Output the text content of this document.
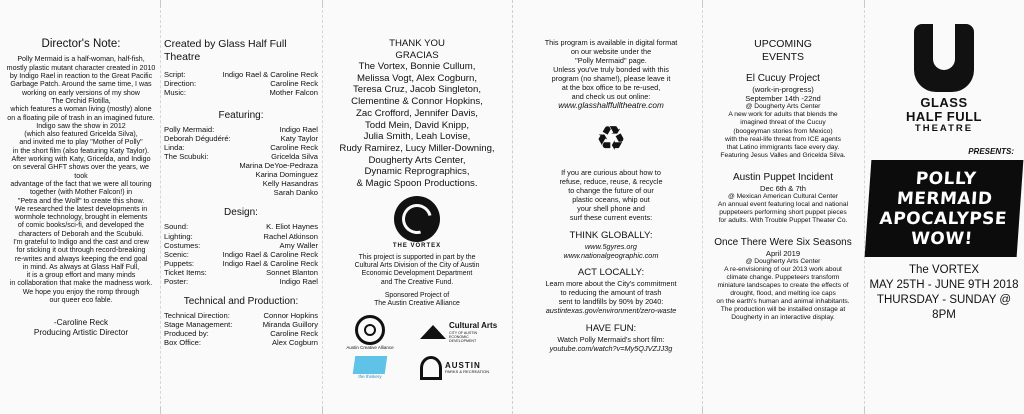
Director's Note:
Polly Mermaid is a half-woman, half-fish,
mostly plastic mutant character created in 2010
by Indigo Rael in reaction to the Great Pacific
Garbage Patch. Around the same time, I was
working on early versions of my show
The Orchid Flotilla,
which features a woman living (mostly) alone
on a floating pile of trash in an imagined future.
Indigo saw the show in 2012
(which also featured Gricelda Silva),
and invited me to play "Mother of Polly"
in the short film (also featuring Katy Taylor).
After working with Katy, Gricelda, and Indigo
on several GHFT shows over the years, we took
advantage of the fact that we were all touring
together (with Mother Falcon!) in
"Petra and the Wolf" to create this show.
We researched the latest developments in
wormhole technology, brought in elements
of comic books/sci-fi, and developed the
characters of Deborah and the Scubuki.
I'm grateful to Indigo and the cast and crew
for sticking it out through record-breaking
re-writes and always keeping the end goal
in mind. As always at Glass Half Full,
it is a group effort and many minds
in collaboration that make the madness work.
We hope you enjoy the romp through
our queer eco fable.
-Caroline Reck
Producing Artistic Director
Created by Glass Half Full Theatre
Script:	Indigo Rael & Caroline Reck
Direction:	Caroline Reck
Music:	Mother Falcon
Featuring:
Polly Mermaid:	Indigo Rael
Deborah Dégudéré:	Katy Taylor
Linda:	Caroline Reck
The Scubuki:	Gricelda Silva
Marina DeYoe-Pedraza
Karina Dominguez
Kelly Hasandras
Sarah Danko
Design:
Sound:	K. Eliot Haynes
Lighting:	Rachel Atkinson
Costumes:	Amy Waller
Scenic:	Indigo Rael & Caroline Reck
Puppets:	Indigo Rael & Caroline Reck
Ticket Items:	Sonnet Blanton
Poster:	Indigo Rael
Technical and Production:
Technical Direction:	Connor Hopkins
Stage Management:	Miranda Guillory
Produced by:	Caroline Reck
Box Office:	Alex Cogburn
THANK YOU
GRACIAS
The Vortex, Bonnie Cullum,
Melissa Vogt, Alex Cogburn,
Teresa Cruz, Jacob Singleton,
Clementine & Connor Hopkins,
Zac Crofford, Jennifer Davis,
Todd Mein, David Knipp,
Julia Smith, Leah Lovise,
Rudy Ramirez, Lucy Miller-Downing,
Dougherty Arts Center,
Dynamic Reprographics,
& Magic Spoon Productions.
THE VORTEX
This project is supported in part by the
Cultural Arts Division of the City of Austin
Economic Development Department
and The Creative Fund.
Sponsored Project of
The Austin Creative Alliance
Austin Creative Alliance
Cultural Arts
CITY OF AUSTIN ECONOMIC DEVELOPMENT
the thinkery
AUSTIN
PARKS & RECREATION
This program is available in digital format
on our website under the
"Polly Mermaid" page.
Unless you've truly bonded with this
program (no shame!), please leave it
at the box office to be re-used,
and check us out online:
www.glasshalffulltheatre.com
♻
If you are curious about how to
refuse, reduce, reuse, & recycle
to change the future of our
plastic oceans, whip out
your shell phone and
surf these current events:
THINK GLOBALLY:
www.5gyres.org
www.nationalgeographic.com
ACT LOCALLY:
Learn more about the City's commitment
to reducing the amount of trash
sent to landfills by 90% by 2040:
austintexas.gov/environment/zero-waste
HAVE FUN:
Watch Polly Mermaid's short film:
youtube.com/watch?v=My5QJVZJJ3g
UPCOMING
EVENTS
El Cucuy Project
(work-in-progress)
September 14th -22nd
@ Dougherty Arts Center
A new work for adults that blends the
imagined threat of the Cucuy
(boogeyman stories from Mexico)
with the real-life threat from ICE agents
that Latino immigrants face every day.
Featuring Jesus Valles and Gricelda Silva.
Austin Puppet Incident
Dec 6th & 7th
@ Mexican American Cultural Center
An annual event featuring local and national
puppeteers performing short puppet pieces
for adults. With Trouble Puppet Theater Co.
Once There Were Six Seasons
April 2019
@ Dougherty Arts Center
A re-envisioning of our 2013 work about
climate change. Puppeteers transform
miniature landscapes to create the effects of
drought, flood, and melting ice caps
on the earth's human and animal inhabitants.
The production will be installed onstage at
Dougherty in an interactive display.
GLASS
HALF FULL
THEATRE
PRESENTS:
POLLY MERMAID
APOCALYPSE
WOW!
The VORTEX
MAY 25TH - JUNE 9TH 2018
THURSDAY - SUNDAY @ 8PM
